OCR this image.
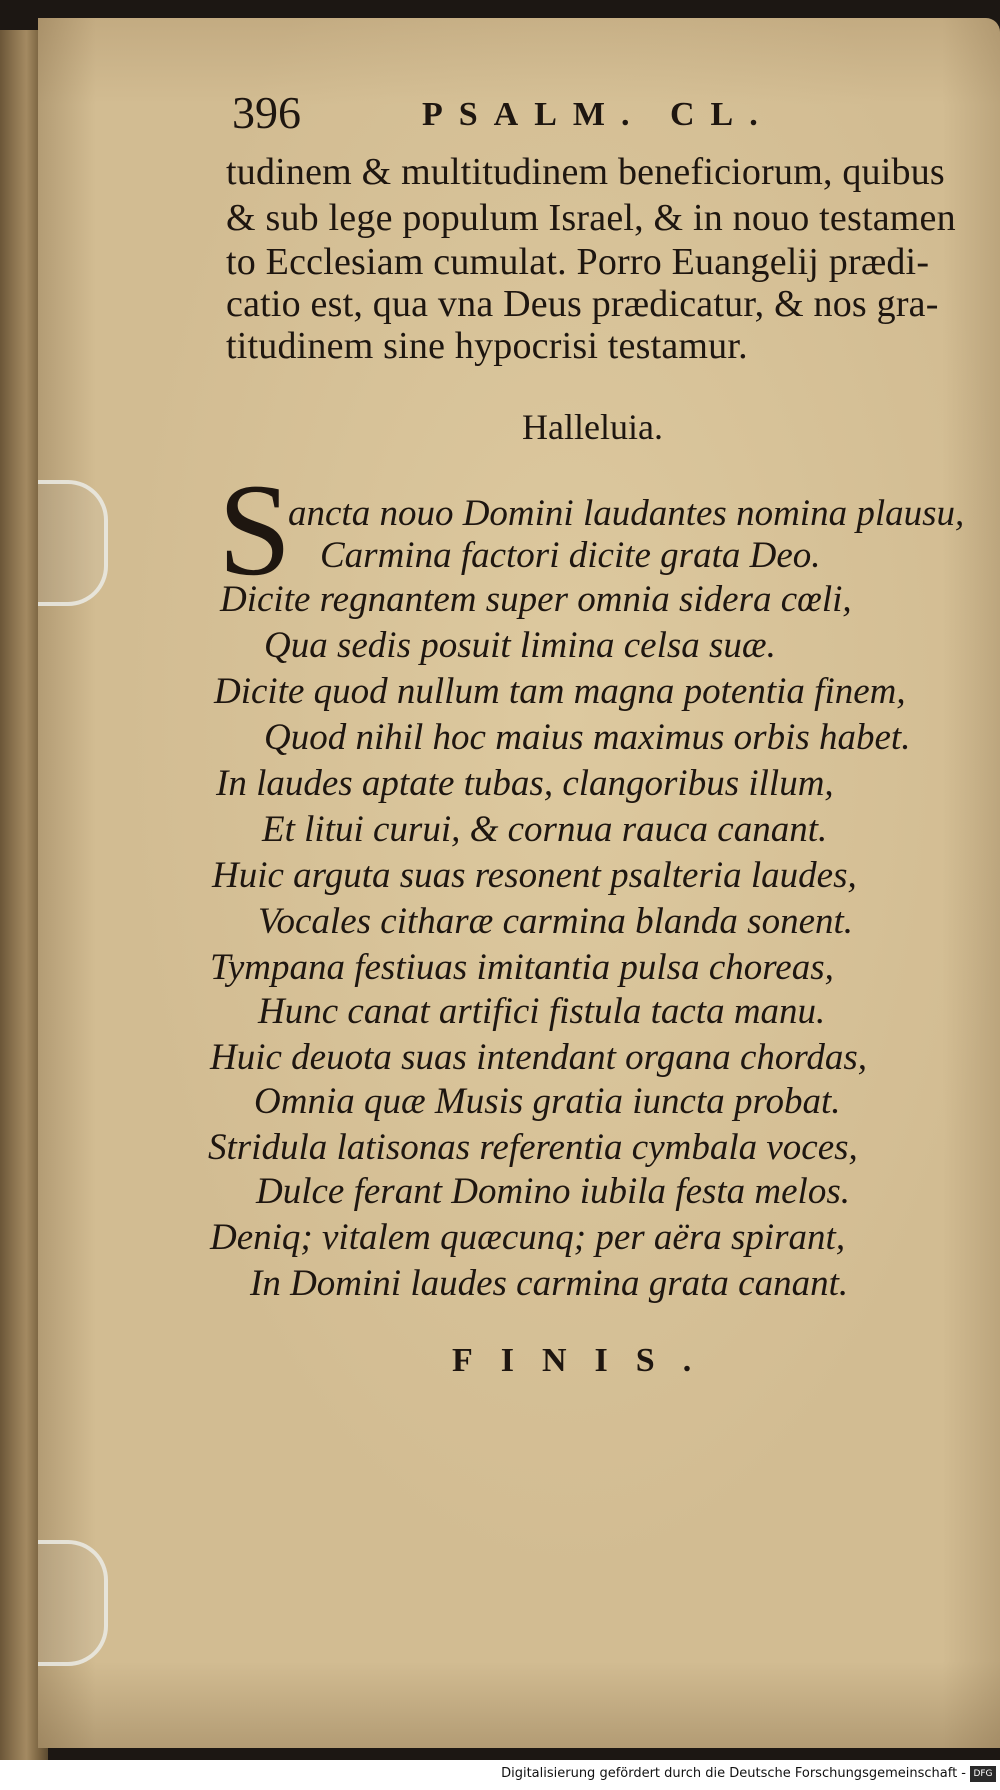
396	PSALM. CL.
tudinem & multitudinem beneficiorum, quibus
& sub lege populum Israel, & in nouo testamen
to Ecclesiam cumulat. Porro Euangelij prædi-
catio est, qua vna Deus prædicatur, & nos gra-
titudinem sine hypocrisi testamur.
Halleluia.
S
ancta nouo Domini laudantes nomina plausu,
Carmina factori dicite grata Deo.
Dicite regnantem super omnia sidera cœli,
Qua sedis posuit limina celsa suæ.
Dicite quod nullum tam magna potentia finem,
Quod nihil hoc maius maximus orbis habet.
In laudes aptate tubas, clangoribus illum,
Et litui curui, & cornua rauca canant.
Huic arguta suas resonent psalteria laudes,
Vocales citharæ carmina blanda sonent.
Tympana festiuas imitantia pulsa choreas,
Hunc canat artifici fistula tacta manu.
Huic deuota suas intendant organa chordas,
Omnia quæ Musis gratia iuncta probat.
Stridula latisonas referentia cymbala voces,
Dulce ferant Domino iubila festa melos.
Deniq; vitalem quæcunq; per aëra spirant,
In Domini laudes carmina grata canant.
FINIS.
Digitalisierung gefördert durch die Deutsche Forschungsgemeinschaft - DFG
